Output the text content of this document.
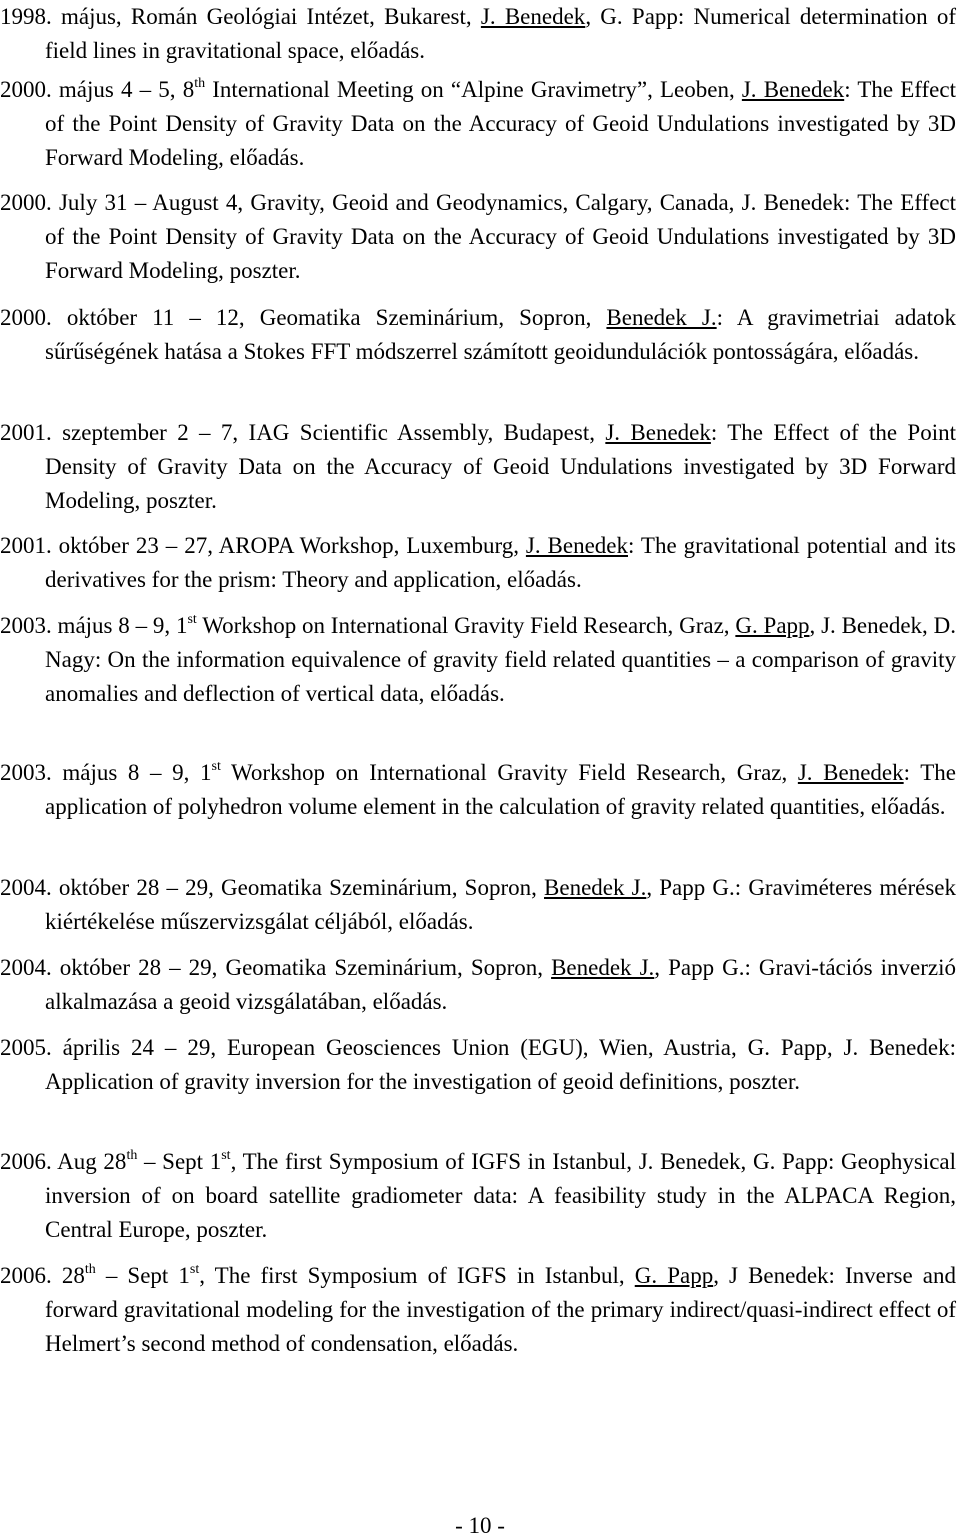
1998. május, Román Geológiai Intézet, Bukarest, J. Benedek, G. Papp: Numerical determination of field lines in gravitational space, előadás.
2000. május 4 – 5, 8th International Meeting on “Alpine Gravimetry”, Leoben, J. Benedek: The Effect of the Point Density of Gravity Data on the Accuracy of Geoid Undulations investigated by 3D Forward Modeling, előadás.
2000. July 31 – August 4, Gravity, Geoid and Geodynamics, Calgary, Canada, J. Benedek: The Effect of the Point Density of Gravity Data on the Accuracy of Geoid Undulations investigated by 3D Forward Modeling, poszter.
2000. október 11 – 12, Geomatika Szeminárium, Sopron, Benedek J.: A gravimetriai adatok sűrűségének hatása a Stokes FFT módszerrel számított geoidundulációk pontosságára, előadás.
2001. szeptember 2 – 7, IAG Scientific Assembly, Budapest, J. Benedek: The Effect of the Point Density of Gravity Data on the Accuracy of Geoid Undulations investigated by 3D Forward Modeling, poszter.
2001. október 23 – 27, AROPA Workshop, Luxemburg, J. Benedek: The gravitational potential and its derivatives for the prism: Theory and application, előadás.
2003. május 8 – 9, 1st Workshop on International Gravity Field Research, Graz, G. Papp, J. Benedek, D. Nagy: On the information equivalence of gravity field related quantities – a comparison of gravity anomalies and deflection of vertical data, előadás.
2003. május 8 – 9, 1st Workshop on International Gravity Field Research, Graz, J. Benedek: The application of polyhedron volume element in the calculation of gravity related quantities, előadás.
2004. október 28 – 29, Geomatika Szeminárium, Sopron, Benedek J., Papp G.: Graviméteres mérések kiértékelése műszervizsgálat céljából, előadás.
2004. október 28 – 29, Geomatika Szeminárium, Sopron, Benedek J., Papp G.: Gravi-tációs inverzió alkalmazása a geoid vizsgálatában, előadás.
2005. április 24 – 29, European Geosciences Union (EGU), Wien, Austria, G. Papp, J. Benedek: Application of gravity inversion for the investigation of geoid definitions, poszter.
2006. Aug 28th – Sept 1st, The first Symposium of IGFS in Istanbul, J. Benedek, G. Papp: Geophysical inversion of on board satellite gradiometer data: A feasibility study in the ALPACA Region, Central Europe, poszter.
2006. 28th – Sept 1st, The first Symposium of IGFS in Istanbul, G. Papp, J Benedek: Inverse and forward gravitational modeling for the investigation of the primary indirect/quasi-indirect effect of Helmert’s second method of condensation, előadás.
- 10 -
